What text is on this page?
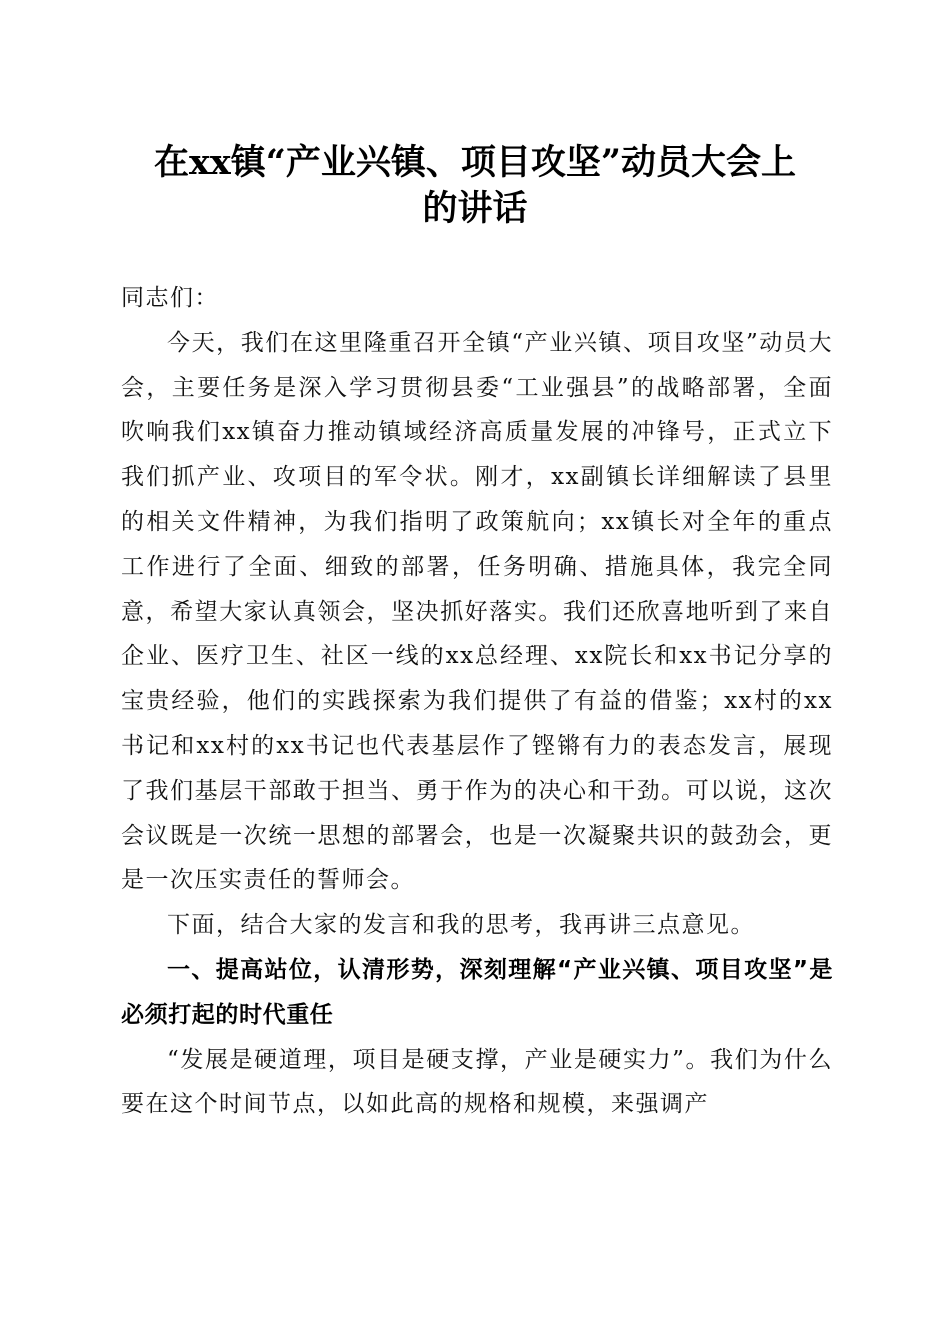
在xx镇“产业兴镇、项目攻坚”动员大会上
的讲话

同志们：

今天，我们在这里隆重召开全镇“产业兴镇、项目攻坚”动员大会，主要任务是深入学习贯彻县委“工业强县”的战略部署，全面吹响我们xx镇奋力推动镇域经济高质量发展的冲锋号，正式立下我们抓产业、攻项目的军令状。刚才，xx副镇长详细解读了县里的相关文件精神，为我们指明了政策航向；xx镇长对全年的重点工作进行了全面、细致的部署，任务明确、措施具体，我完全同意，希望大家认真领会，坚决抓好落实。我们还欣喜地听到了来自企业、医疗卫生、社区一线的xx总经理、xx院长和xx书记分享的宝贵经验，他们的实践探索为我们提供了有益的借鉴；xx村的xx书记和xx村的xx书记也代表基层作了铿锵有力的表态发言，展现了我们基层干部敢于担当、勇于作为的决心和干劲。可以说，这次会议既是一次统一思想的部署会，也是一次凝聚共识的鼓劲会，更是一次压实责任的誓师会。

下面，结合大家的发言和我的思考，我再讲三点意见。

一、提高站位，认清形势，深刻理解“产业兴镇、项目攻坚”是必须打起的时代重任

“发展是硬道理，项目是硬支撑，产业是硬实力”。我们为什么要在这个时间节点，以如此高的规格和规模，来强调产
